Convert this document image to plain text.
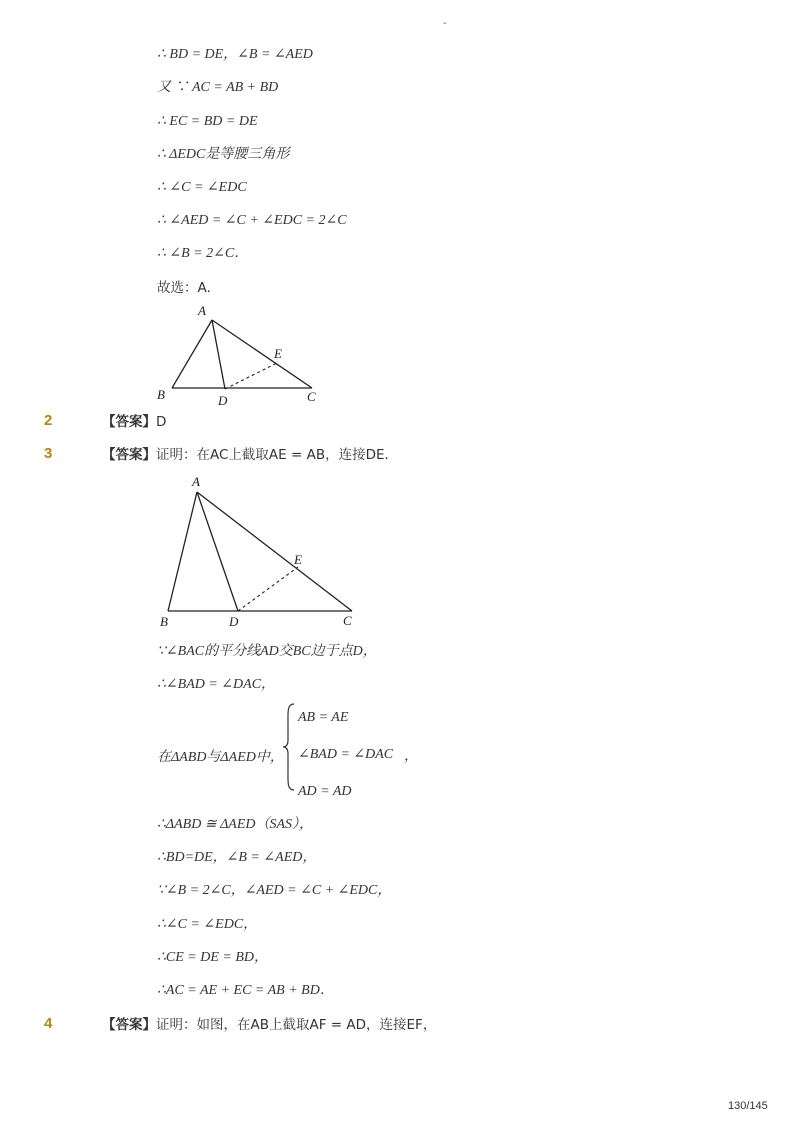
-
∴ BD = DE，∠B = ∠AED
又 ∵ AC = AB + BD
∴ EC = BD = DE
∴ ΔEDC是等腰三角形
∴ ∠C = ∠EDC
∴ ∠AED = ∠C + ∠EDC = 2∠C
∴ ∠B = 2∠C．
故选：A．
A
B	C
D
E
2	【答案】D
3	【答案】证明：在AC上截取AE = AB，连接DE．
A
B	C
D
E
∵∠BAC的平分线AD交BC边于点D，
∴∠BAD = ∠DAC，
在ΔABD与ΔAED中，
AB = AE
∠BAD = ∠DAC ，
AD = AD
∴ΔABD ≅ ΔAED（SAS），
∴BD=DE，∠B = ∠AED，
∵∠B = 2∠C，∠AED = ∠C + ∠EDC，
∴∠C = ∠EDC，
∴CE = DE = BD，
∴AC = AE + EC = AB + BD．
4	【答案】证明：如图，在AB上截取AF = AD，连接EF，
130/145
